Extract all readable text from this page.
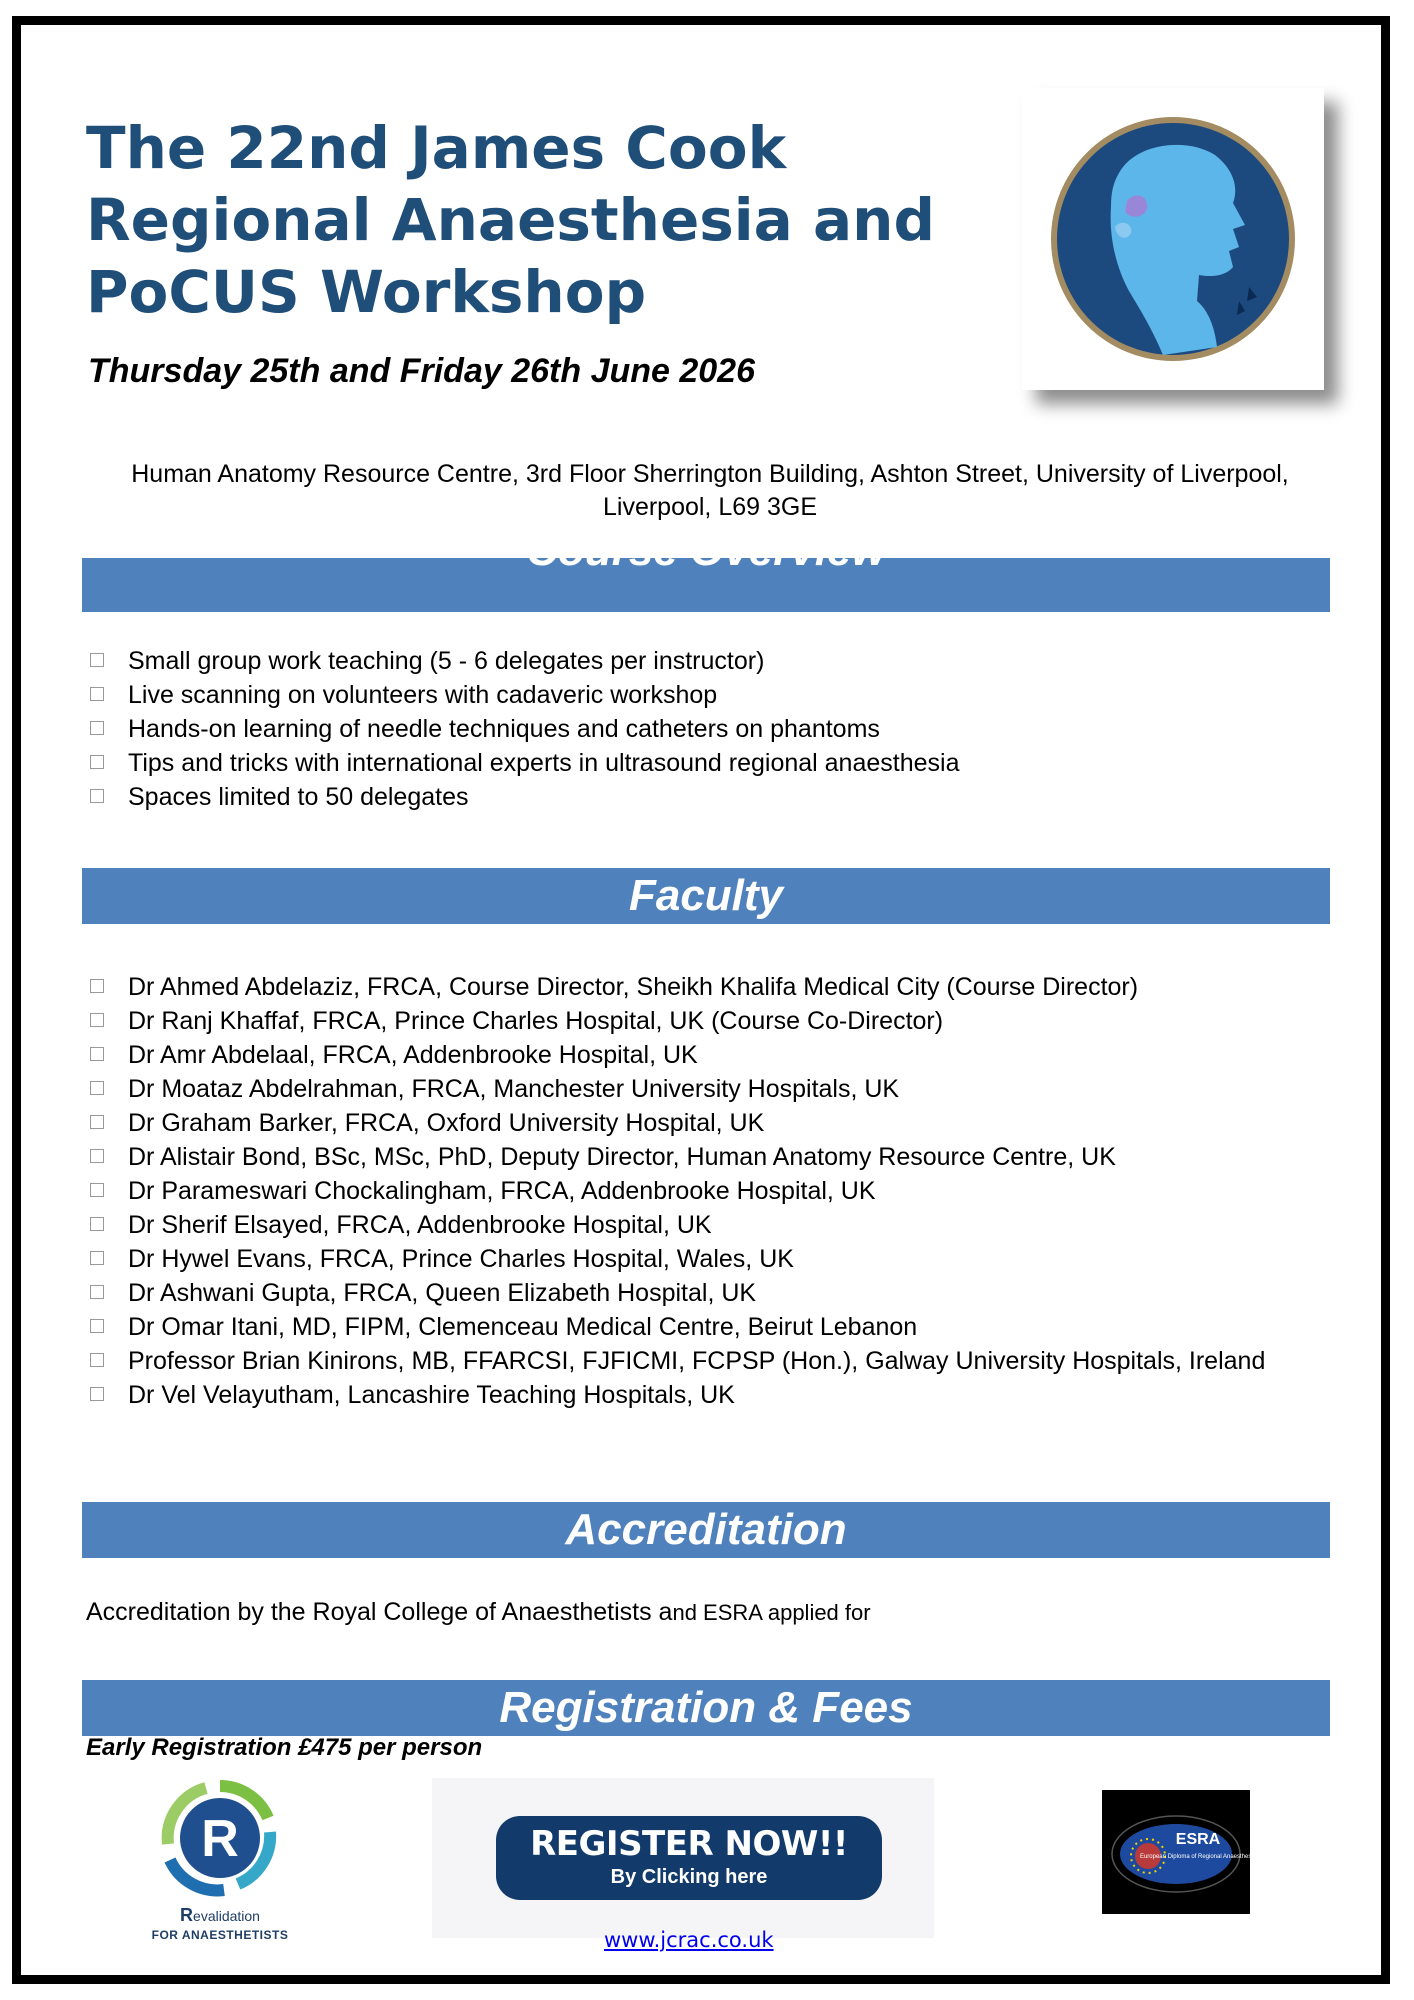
The 22nd James Cook Regional Anaesthesia and PoCUS Workshop
Thursday 25th and Friday 26th June 2026
Human Anatomy Resource Centre, 3rd Floor Sherrington Building, Ashton Street, University of Liverpool, Liverpool, L69 3GE
Course Overview
Small group work teaching (5 - 6 delegates per instructor)
Live scanning on volunteers with cadaveric workshop
Hands-on learning of needle techniques and catheters on phantoms
Tips and tricks with international experts in ultrasound regional anaesthesia
Spaces limited to 50 delegates
Faculty
Dr Ahmed Abdelaziz, FRCA, Course Director, Sheikh Khalifa Medical City (Course Director)
Dr Ranj Khaffaf, FRCA, Prince Charles Hospital, UK (Course Co-Director)
Dr Amr Abdelaal, FRCA, Addenbrooke Hospital, UK
Dr Moataz Abdelrahman, FRCA, Manchester University Hospitals, UK
Dr Graham Barker, FRCA, Oxford University Hospital, UK
Dr Alistair Bond, BSc, MSc, PhD, Deputy Director, Human Anatomy Resource Centre, UK
Dr Parameswari Chockalingham, FRCA, Addenbrooke Hospital, UK
Dr Sherif Elsayed, FRCA, Addenbrooke Hospital, UK
Dr Hywel Evans, FRCA, Prince Charles Hospital, Wales, UK
Dr Ashwani Gupta, FRCA, Queen Elizabeth Hospital, UK
Dr Omar Itani, MD, FIPM, Clemenceau Medical Centre, Beirut Lebanon
Professor Brian Kinirons, MB, FFARCSI, FJFICMI, FCPSP (Hon.), Galway University Hospitals, Ireland
Dr Vel Velayutham, Lancashire Teaching Hospitals, UK
Accreditation
Accreditation by the Royal College of Anaesthetists and ESRA applied for
Registration & Fees
Early Registration £475 per person
R
Revalidation
FOR ANAESTHETISTS
REGISTER NOW!!
By Clicking here
www.jcrac.co.uk
ESRA
European Diploma of Regional Anaesthesia
